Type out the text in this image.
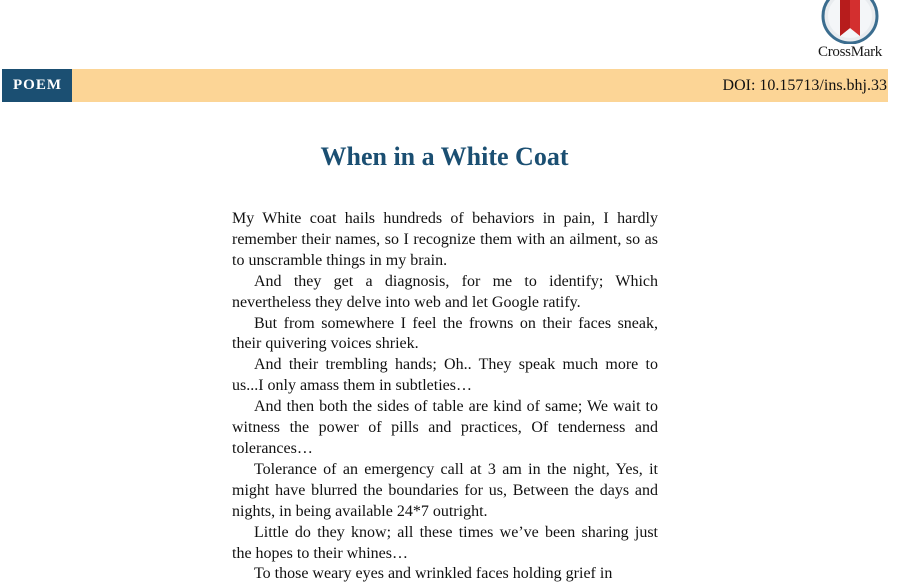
CrossMark
POEM	DOI: 10.15713/ins.bhj.33
When in a White Coat

My White coat hails hundreds of behaviors in pain, I hardly remember their names, so I recognize them with an ailment, so as to unscramble things in my brain.

And they get a diagnosis, for me to identify; Which nevertheless they delve into web and let Google ratify.

But from somewhere I feel the frowns on their faces sneak, their quivering voices shriek.

And their trembling hands; Oh.. They speak much more to us...I only amass them in subtleties…

And then both the sides of table are kind of same; We wait to witness the power of pills and practices, Of tenderness and tolerances…

Tolerance of an emergency call at 3 am in the night, Yes, it might have blurred the boundaries for us, Between the days and nights, in being available 24*7 outright.

Little do they know; all these times we’ve been sharing just the hopes to their whines…

To those weary eyes and wrinkled faces holding grief in
